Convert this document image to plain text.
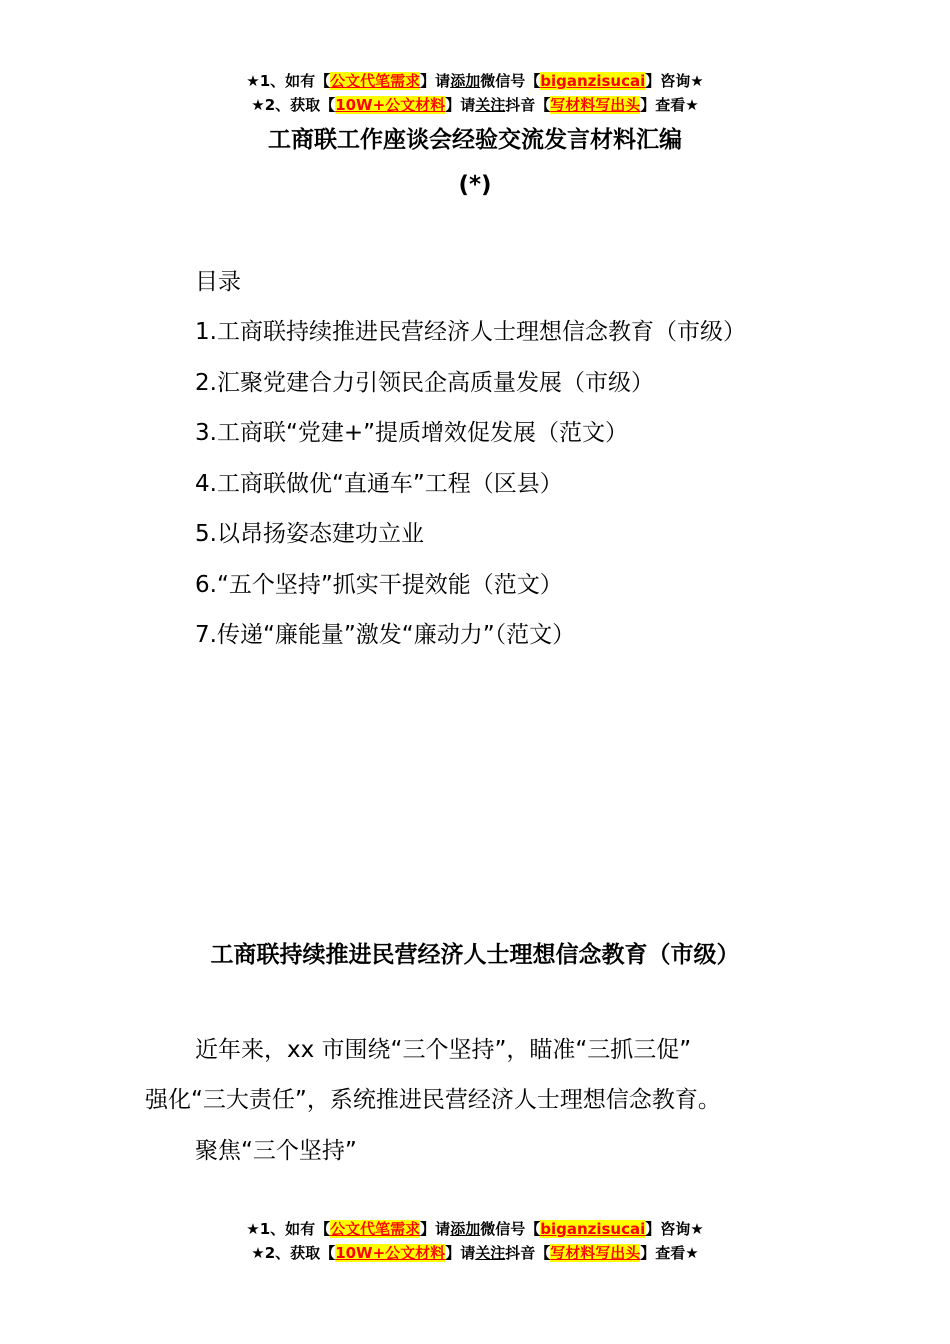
★1、如有【公文代笔需求】请添加微信号【biganzisucai】咨询★
★2、获取【10W+公文材料】请关注抖音【写材料写出头】查看★
工商联工作座谈会经验交流发言材料汇编
(*)
目录
1.工商联持续推进民营经济人士理想信念教育（市级）
2.汇聚党建合力引领民企高质量发展（市级）
3.工商联“党建+”提质增效促发展（范文）
4.工商联做优“直通车”工程（区县）
5.以昂扬姿态建功立业
6.“五个坚持”抓实干提效能（范文）
7.传递“廉能量”激发“廉动力”（范文）
工商联持续推进民营经济人士理想信念教育（市级）
近年来，xx 市围绕“三个坚持”，瞄准“三抓三促”
强化“三大责任”，系统推进民营经济人士理想信念教育。
聚焦“三个坚持”
★1、如有【公文代笔需求】请添加微信号【biganzisucai】咨询★
★2、获取【10W+公文材料】请关注抖音【写材料写出头】查看★
